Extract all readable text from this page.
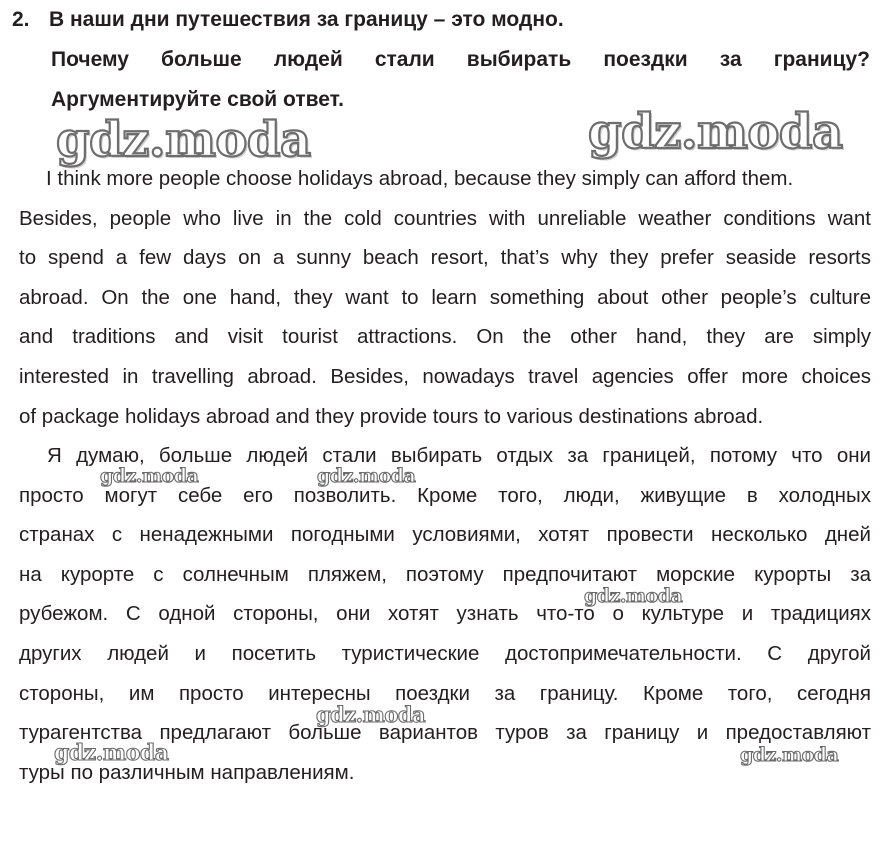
2. В наши дни путешествия за границу – это модно.
Почему больше людей стали выбирать поездки за границу?
Аргументируйте свой ответ.
gdz.moda	gdz.moda
I think more people choose holidays abroad, because they simply can afford them.
Besides, people who live in the cold countries with unreliable weather conditions want
to spend a few days on a sunny beach resort, that’s why they prefer seaside resorts
abroad. On the one hand, they want to learn something about other people’s culture
and traditions and visit tourist attractions. On the other hand, they are simply
interested in travelling abroad. Besides, nowadays travel agencies offer more choices
of package holidays abroad and they provide tours to various destinations abroad.
Я думаю, больше людей стали выбирать отдых за границей, потому что они
просто могут себе его позволить. Кроме того, люди, живущие в холодных
странах с ненадежными погодными условиями, хотят провести несколько дней
на курорте с солнечным пляжем, поэтому предпочитают морские курорты за
рубежом. С одной стороны, они хотят узнать что-то о культуре и традициях
других людей и посетить туристические достопримечательности. С другой
стороны, им просто интересны поездки за границу. Кроме того, сегодня
турагентства предлагают больше вариантов туров за границу и предоставляют
туры по различным направлениям.
gdz.moda	gdz.moda
gdz.moda
gdz.moda
gdz.moda	gdz.moda
